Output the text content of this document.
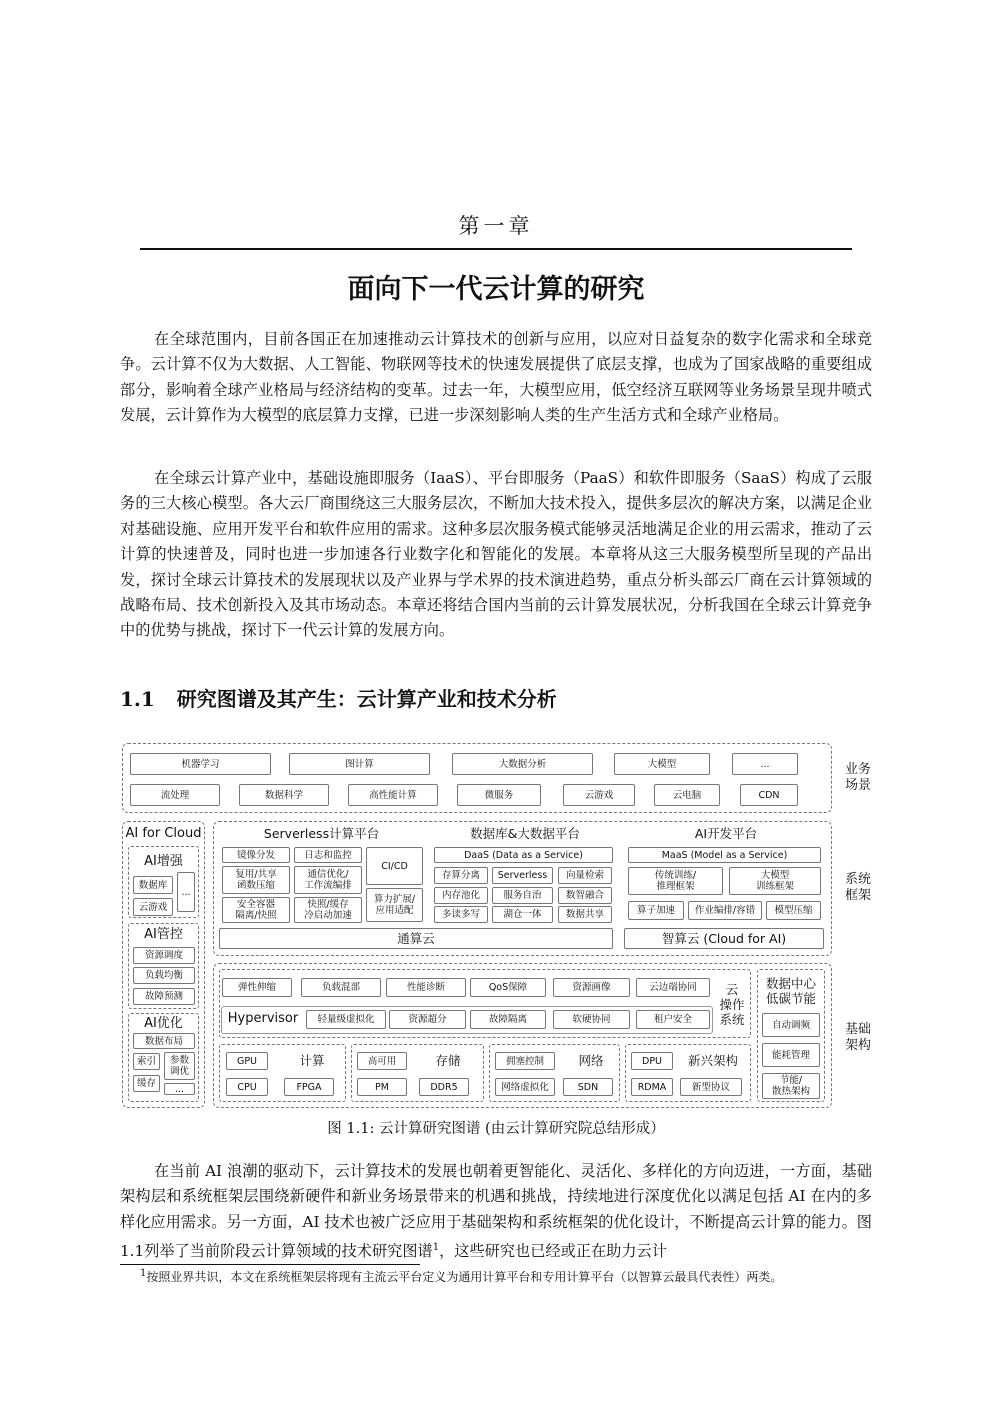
第一章
面向下一代云计算的研究
在全球范围内，目前各国正在加速推动云计算技术的创新与应用，以应对日益复杂的数字化需求和全球竞争。云计算不仅为大数据、人工智能、物联网等技术的快速发展提供了底层支撑，也成为了国家战略的重要组成部分，影响着全球产业格局与经济结构的变革。过去一年，大模型应用，低空经济互联网等业务场景呈现井喷式发展，云计算作为大模型的底层算力支撑，已进一步深刻影响人类的生产生活方式和全球产业格局。
在全球云计算产业中，基础设施即服务（IaaS）、平台即服务（PaaS）和软件即服务（SaaS）构成了云服务的三大核心模型。各大云厂商围绕这三大服务层次，不断加大技术投入，提供多层次的解决方案，以满足企业对基础设施、应用开发平台和软件应用的需求。这种多层次服务模式能够灵活地满足企业的用云需求，推动了云计算的快速普及，同时也进一步加速各行业数字化和智能化的发展。本章将从这三大服务模型所呈现的产品出发，探讨全球云计算技术的发展现状以及产业界与学术界的技术演进趋势，重点分析头部云厂商在云计算领域的战略布局、技术创新投入及其市场动态。本章还将结合国内当前的云计算发展状况，分析我国在全球云计算竞争中的优势与挑战，探讨下一代云计算的发展方向。
1.1 研究图谱及其产生：云计算产业和技术分析
机器学习	图计算	大数据分析	大模型	...
流处理	数据科学	高性能计算	微服务	云游戏	云电脑	CDN
业务
场景
AI for Cloud
AI增强
数据库
云游戏
...
AI管控
资源调度
负载均衡
故障预测
AI优化
数据布局
索引	参数
调优
缓存	...
系统
框架
Serverless计算平台
镜像分发	日志和监控
CI/CD
复用/共享
函数压缩
通信优化/
工作流编排
算力扩展/
应用适配
安全容器
隔离/快照
快照/缓存
冷启动加速
数据库&大数据平台
DaaS (Data as a Service)
存算分离	Serverless	向量检索
内存池化	服务自治	数智融合
多读多写	湖仓一体	数据共享
AI开发平台
MaaS (Model as a Service)
传统训练/
推理框架
大模型
训练框架
算子加速	作业编排/容错	模型压缩
通算云	智算云 (Cloud for AI)
基础
架构
弹性伸缩	负载混部	性能诊断	QoS保障	资源画像	云边端协同
Hypervisor	轻量级虚拟化	资源超分	故障隔离	软硬协同	租户安全
云
操作
系统
数据中心
低碳节能
自动调频
能耗管理
节能/
散热架构
GPU	计算
CPU	FPGA
高可用	存储
PM	DDR5
拥塞控制	网络
网络虚拟化	SDN
DPU	新兴架构
RDMA	新型协议
图 1.1: 云计算研究图谱 (由云计算研究院总结形成）
在当前 AI 浪潮的驱动下，云计算技术的发展也朝着更智能化、灵活化、多样化的方向迈进，一方面，基础架构层和系统框架层围绕新硬件和新业务场景带来的机遇和挑战，持续地进行深度优化以满足包括 AI 在内的多样化应用需求。另一方面，AI 技术也被广泛应用于基础架构和系统框架的优化设计，不断提高云计算的能力。图 1.1列举了当前阶段云计算领域的技术研究图谱$^1$，这些研究也已经或正在助力云计
$^1$按照业界共识，本文在系统框架层将现有主流云平台定义为通用计算平台和专用计算平台（以智算云最具代表性）两类。
